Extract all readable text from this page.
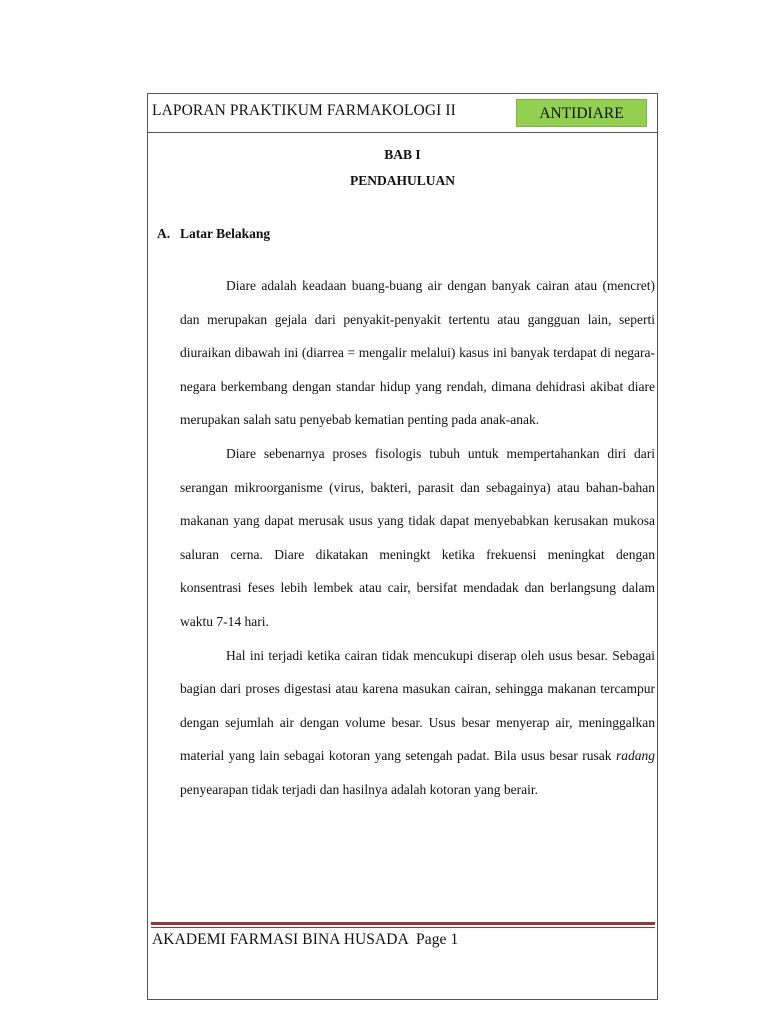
LAPORAN PRAKTIKUM FARMAKOLOGI II	ANTIDIARE
BAB I
PENDAHULUAN
A. Latar Belakang

Diare adalah keadaan buang-buang air dengan banyak cairan atau (mencret) dan merupakan gejala dari penyakit-penyakit tertentu atau gangguan lain, seperti diuraikan dibawah ini (diarrea = mengalir melalui) kasus ini banyak terdapat di negara-negara berkembang dengan standar hidup yang rendah, dimana dehidrasi akibat diare merupakan salah satu penyebab kematian penting pada anak-anak.

Diare sebenarnya proses fisologis tubuh untuk mempertahankan diri dari serangan mikroorganisme (virus, bakteri, parasit dan sebagainya) atau bahan-bahan makanan yang dapat merusak usus yang tidak dapat menyebabkan kerusakan mukosa saluran cerna. Diare dikatakan meningkt ketika frekuensi meningkat dengan konsentrasi feses lebih lembek atau cair, bersifat mendadak dan berlangsung dalam waktu 7-14 hari.

Hal ini terjadi ketika cairan tidak mencukupi diserap oleh usus besar. Sebagai bagian dari proses digestasi atau karena masukan cairan, sehingga makanan tercampur dengan sejumlah air dengan volume besar. Usus besar menyerap air, meninggalkan material yang lain sebagai kotoran yang setengah padat. Bila usus besar rusak radang penyearapan tidak terjadi dan hasilnya adalah kotoran yang berair.

AKADEMI FARMASI BINA HUSADA Page 1
